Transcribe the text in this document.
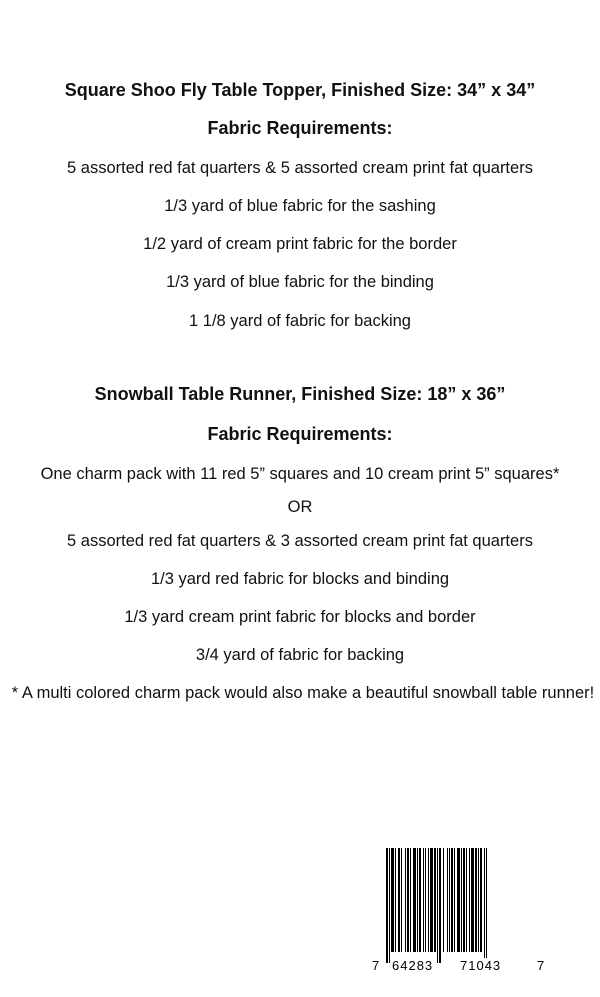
Square Shoo Fly Table Topper, Finished Size: 34” x 34”
Fabric Requirements:
5 assorted red fat quarters & 5 assorted cream print fat quarters
1/3 yard of blue fabric for the sashing
1/2 yard of cream print fabric for the border
1/3 yard of blue fabric for the binding
1 1/8 yard of fabric for backing
Snowball Table Runner, Finished Size: 18” x 36”
Fabric Requirements:
One charm pack with 11 red 5” squares and 10 cream print 5” squares*
OR
5 assorted red fat quarters & 3 assorted cream print fat quarters
1/3 yard red fabric for blocks and binding
1/3 yard cream print fabric for blocks and border
3/4 yard of fabric for backing
* A multi colored charm pack would also make a beautiful snowball table runner!
7 64283 71043	7
